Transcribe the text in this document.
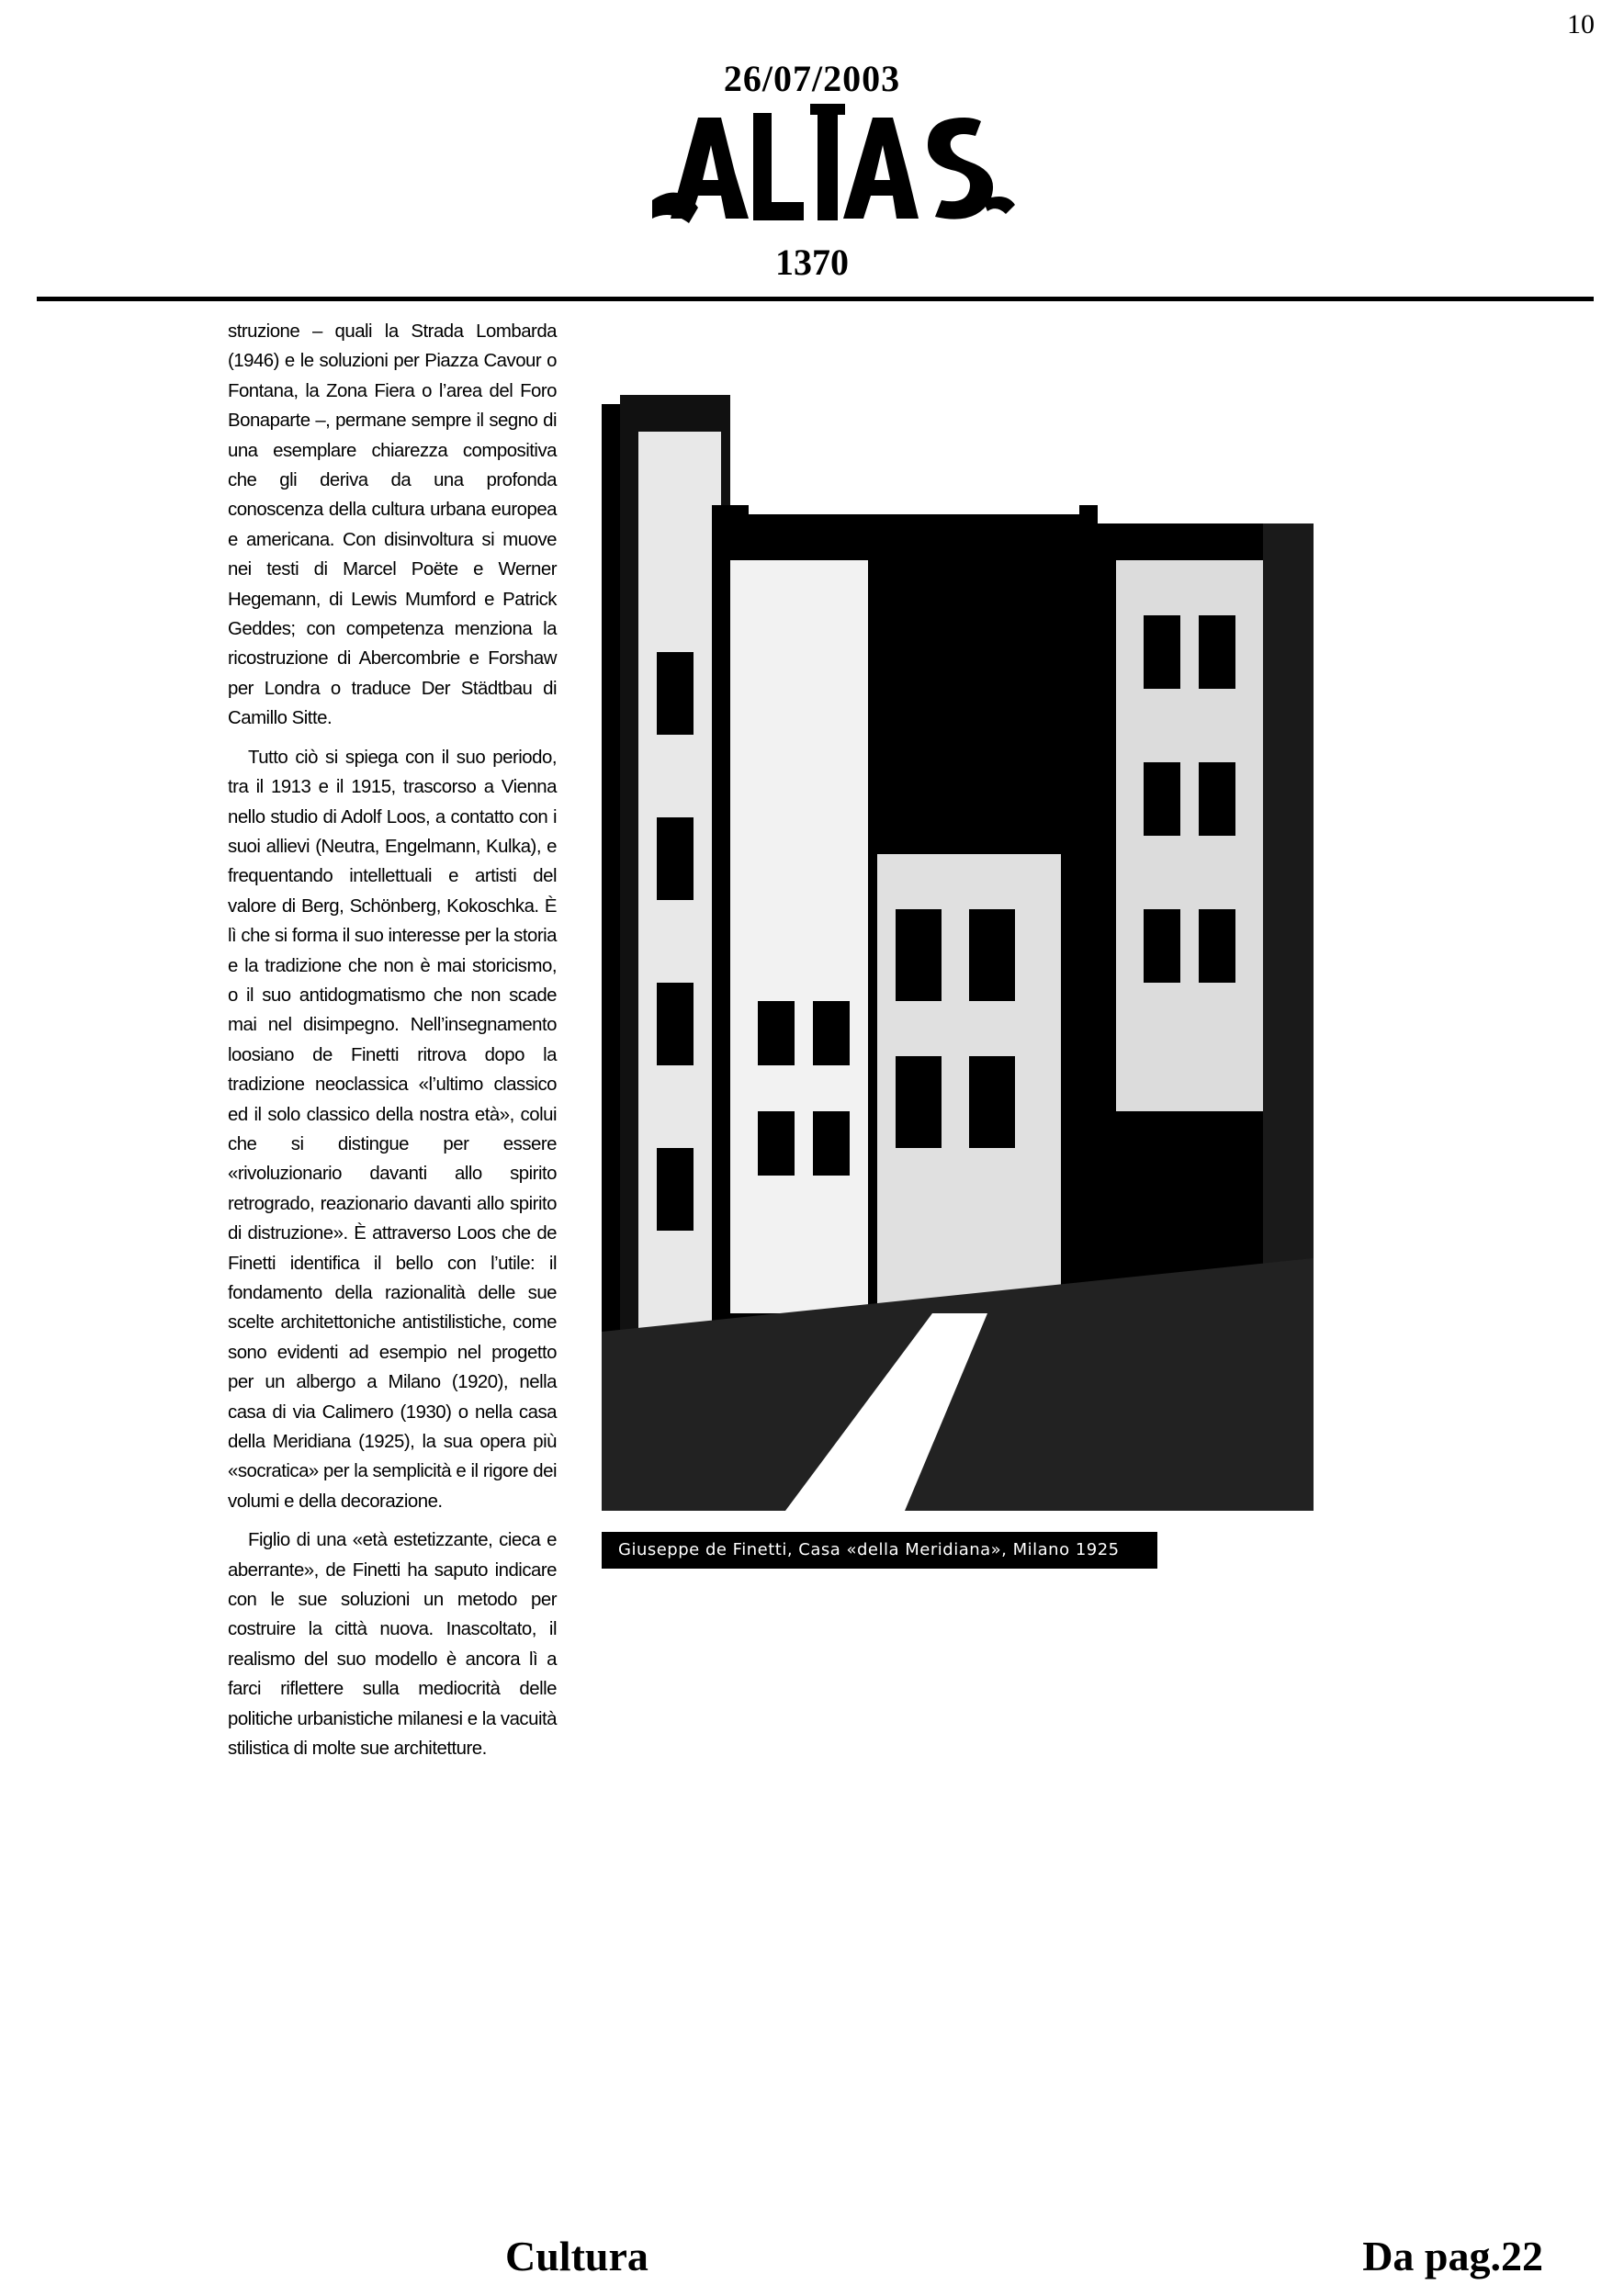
10
26/07/2003
1370

struzione – quali la Strada Lombarda (1946) e le soluzioni per Piazza Cavour o Fontana, la Zona Fiera o l’area del Foro Bonaparte –, permane sempre il segno di una esemplare chiarezza compositiva che gli deriva da una profonda conoscenza della cultura urbana europea e americana. Con disinvoltura si muove nei testi di Marcel Poëte e Werner Hegemann, di Lewis Mumford e Patrick Geddes; con competenza menziona la ricostruzione di Abercombrie e Forshaw per Londra o traduce Der Städtbau di Camillo Sitte.

Tutto ciò si spiega con il suo periodo, tra il 1913 e il 1915, trascorso a Vienna nello studio di Adolf Loos, a contatto con i suoi allievi (Neutra, Engelmann, Kulka), e frequentando intellettuali e artisti del valore di Berg, Schönberg, Kokoschka. È lì che si forma il suo interesse per la storia e la tradizione che non è mai storicismo, o il suo antidogmatismo che non scade mai nel disimpegno. Nell’insegnamento loosiano de Finetti ritrova dopo la tradizione neoclassica «l’ultimo classico ed il solo classico della nostra età», colui che si distingue per essere «rivoluzionario davanti allo spirito retrogrado, reazionario davanti allo spirito di distruzione». È attraverso Loos che de Finetti identifica il bello con l’utile: il fondamento della razionalità delle sue scelte architettoniche antistilistiche, come sono evidenti ad esempio nel progetto per un albergo a Milano (1920), nella casa di via Calimero (1930) o nella casa della Meridiana (1925), la sua opera più «socratica» per la semplicità e il rigore dei volumi e della decorazione.

Figlio di una «età estetizzante, cieca e aberrante», de Finetti ha saputo indicare con le sue soluzioni un metodo per costruire la città nuova. Inascoltato, il realismo del suo modello è ancora lì a farci riflettere sulla mediocrità delle politiche urbanistiche milanesi e la vacuità stilistica di molte sue architetture.

Giuseppe de Finetti, Casa «della Meridiana», Milano 1925
Cultura	Da pag.22
